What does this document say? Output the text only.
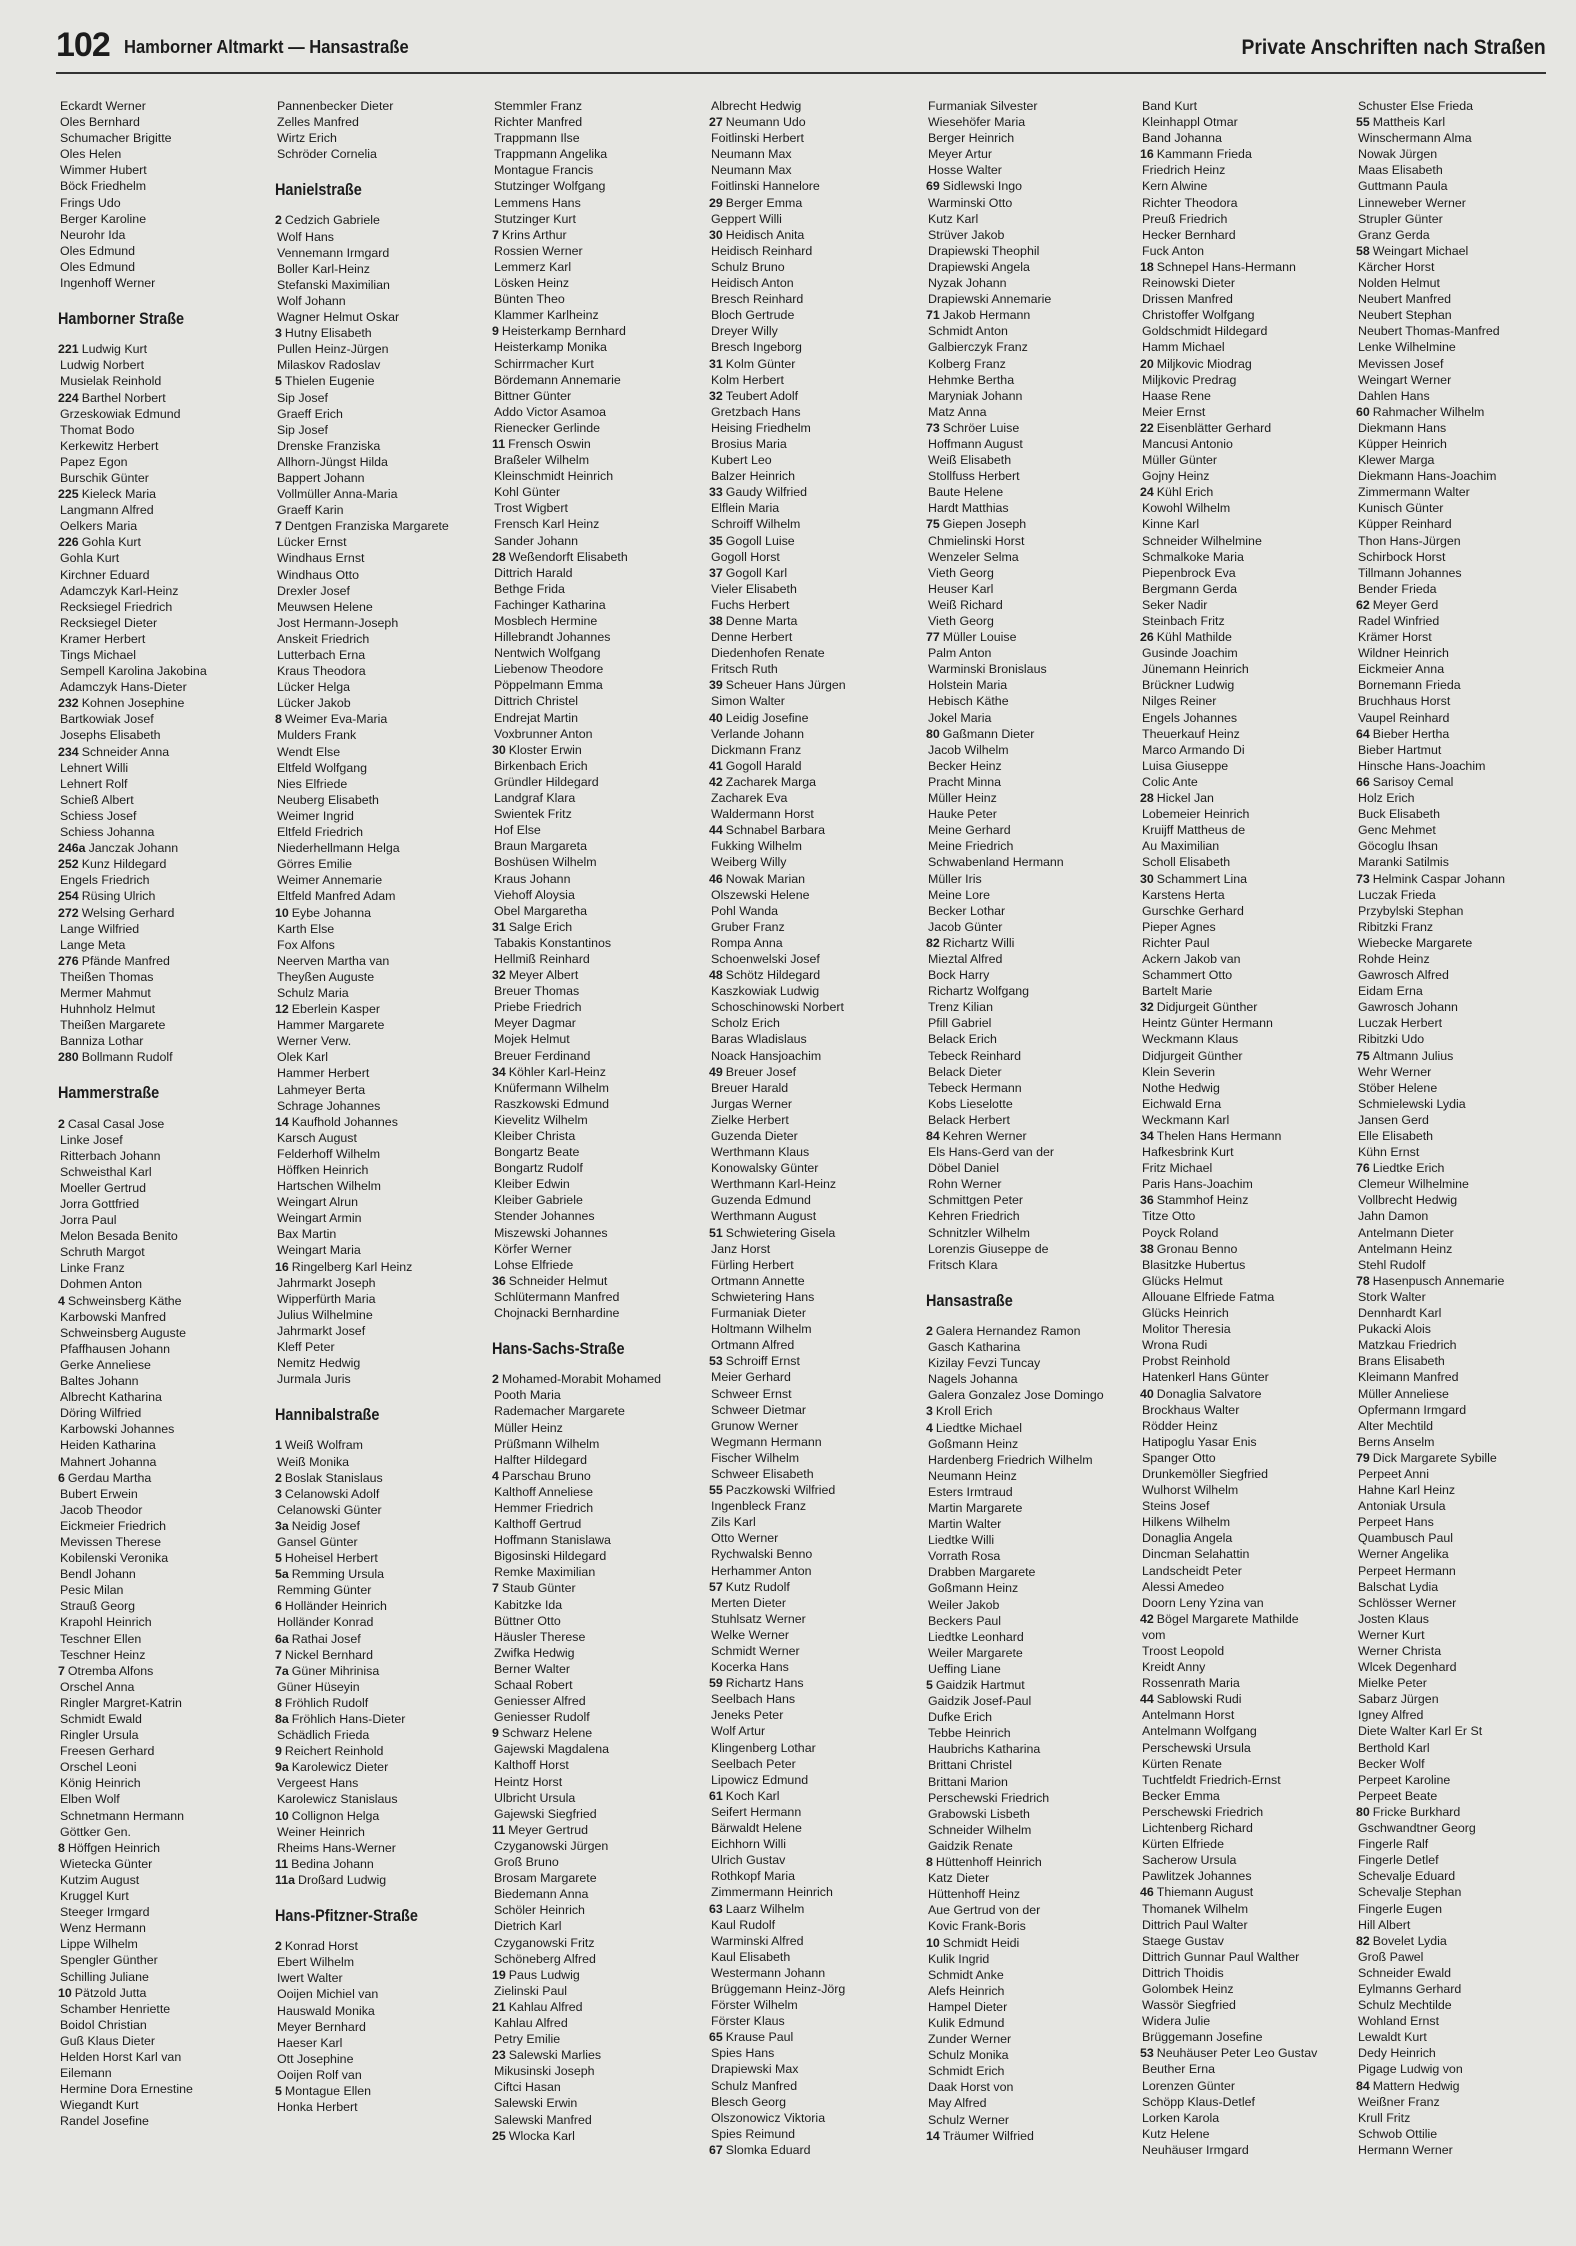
102 Hamborner Altmarkt — Hansastraße	Private Anschriften nach Straßen
Eckardt Werner
Oles Bernhard
Schumacher Brigitte
Oles Helen
Wimmer Hubert
Böck Friedhelm
Frings Udo
Berger Karoline
Neurohr Ida
Oles Edmund
Oles Edmund
Ingenhoff Werner
Hamborner Straße
221 Ludwig Kurt
Ludwig Norbert
Musielak Reinhold
224 Barthel Norbert
Grzeskowiak Edmund
Thomat Bodo
Kerkewitz Herbert
Papez Egon
Burschik Günter
225 Kieleck Maria
Langmann Alfred
Oelkers Maria
226 Gohla Kurt
Gohla Kurt
Kirchner Eduard
Adamczyk Karl-Heinz
Recksiegel Friedrich
Recksiegel Dieter
Kramer Herbert
Tings Michael
Sempell Karolina Jakobina
Adamczyk Hans-Dieter
232 Kohnen Josephine
Bartkowiak Josef
Josephs Elisabeth
234 Schneider Anna
Lehnert Willi
Lehnert Rolf
Schieß Albert
Schiess Josef
Schiess Johanna
246a Janczak Johann
252 Kunz Hildegard
Engels Friedrich
254 Rüsing Ulrich
272 Welsing Gerhard
Lange Wilfried
Lange Meta
276 Pfände Manfred
Theißen Thomas
Mermer Mahmut
Huhnholz Helmut
Theißen Margarete
Banniza Lothar
280 Bollmann Rudolf
Hammerstraße
2 Casal Casal Jose
Linke Josef
Ritterbach Johann
Schweisthal Karl
Moeller Gertrud
Jorra Gottfried
Jorra Paul
Melon Besada Benito
Schruth Margot
Linke Franz
Dohmen Anton
4 Schweinsberg Käthe
Karbowski Manfred
Schweinsberg Auguste
Pfaffhausen Johann
Gerke Anneliese
Baltes Johann
Albrecht Katharina
Döring Wilfried
Karbowski Johannes
Heiden Katharina
Mahnert Johanna
6 Gerdau Martha
Bubert Erwein
Jacob Theodor
Eickmeier Friedrich
Mevissen Therese
Kobilenski Veronika
Bendl Johann
Pesic Milan
Strauß Georg
Krapohl Heinrich
Teschner Ellen
Teschner Heinz
7 Otremba Alfons
Orschel Anna
Ringler Margret-Katrin
Schmidt Ewald
Ringler Ursula
Freesen Gerhard
Orschel Leoni
König Heinrich
Elben Wolf
Schnetmann Hermann
Göttker Gen.
8 Höffgen Heinrich
Wietecka Günter
Kutzim August
Kruggel Kurt
Steeger Irmgard
Wenz Hermann
Lippe Wilhelm
Spengler Günther
Schilling Juliane
10 Pätzold Jutta
Schamber Henriette
Boidol Christian
Guß Klaus Dieter
Helden Horst Karl van
Eilemann
Hermine Dora Ernestine
Wiegandt Kurt
Randel Josefine
Pannenbecker Dieter
Zelles Manfred
Wirtz Erich
Schröder Cornelia
Hanielstraße
2 Cedzich Gabriele
Wolf Hans
Vennemann Irmgard
Boller Karl-Heinz
Stefanski Maximilian
Wolf Johann
Wagner Helmut Oskar
3 Hutny Elisabeth
Pullen Heinz-Jürgen
Milaskov Radoslav
5 Thielen Eugenie
Sip Josef
Graeff Erich
Sip Josef
Drenske Franziska
Allhorn-Jüngst Hilda
Bappert Johann
Vollmüller Anna-Maria
Graeff Karin
7 Dentgen Franziska Margarete
Lücker Ernst
Windhaus Ernst
Windhaus Otto
Drexler Josef
Meuwsen Helene
Jost Hermann-Joseph
Anskeit Friedrich
Lutterbach Erna
Kraus Theodora
Lücker Helga
Lücker Jakob
8 Weimer Eva-Maria
Mulders Frank
Wendt Else
Eltfeld Wolfgang
Nies Elfriede
Neuberg Elisabeth
Weimer Ingrid
Eltfeld Friedrich
Niederhellmann Helga
Görres Emilie
Weimer Annemarie
Eltfeld Manfred Adam
10 Eybe Johanna
Karth Else
Fox Alfons
Neerven Martha van
Theyßen Auguste
Schulz Maria
12 Eberlein Kasper
Hammer Margarete
Werner Verw.
Olek Karl
Hammer Herbert
Lahmeyer Berta
Schrage Johannes
14 Kaufhold Johannes
Karsch August
Felderhoff Wilhelm
Höffken Heinrich
Hartschen Wilhelm
Weingart Alrun
Weingart Armin
Bax Martin
Weingart Maria
16 Ringelberg Karl Heinz
Jahrmarkt Joseph
Wipperfürth Maria
Julius Wilhelmine
Jahrmarkt Josef
Kleff Peter
Nemitz Hedwig
Jurmala Juris
Hannibalstraße
1 Weiß Wolfram
Weiß Monika
2 Boslak Stanislaus
3 Celanowski Adolf
Celanowski Günter
3a Neidig Josef
Gansel Günter
5 Hoheisel Herbert
5a Remming Ursula
Remming Günter
6 Holländer Heinrich
Holländer Konrad
6a Rathai Josef
7 Nickel Bernhard
7a Güner Mihrinisa
Güner Hüseyin
8 Fröhlich Rudolf
8a Fröhlich Hans-Dieter
Schädlich Frieda
9 Reichert Reinhold
9a Karolewicz Dieter
Vergeest Hans
Karolewicz Stanislaus
10 Collignon Helga
Weiner Heinrich
Rheims Hans-Werner
11 Bedina Johann
11a Droßard Ludwig
Hans-Pfitzner-Straße
2 Konrad Horst
Ebert Wilhelm
Iwert Walter
Ooijen Michiel van
Hauswald Monika
Meyer Bernhard
Haeser Karl
Ott Josephine
Ooijen Rolf van
5 Montague Ellen
Honka Herbert
Stemmler Franz
Richter Manfred
Trappmann Ilse
Trappmann Angelika
Montague Francis
Stutzinger Wolfgang
Lemmens Hans
Stutzinger Kurt
7 Krins Arthur
Rossien Werner
Lemmerz Karl
Lösken Heinz
Bünten Theo
Klammer Karlheinz
9 Heisterkamp Bernhard
Heisterkamp Monika
Schirrmacher Kurt
Bördemann Annemarie
Bittner Günter
Addo Victor Asamoa
Rienecker Gerlinde
11 Frensch Oswin
Braßeler Wilhelm
Kleinschmidt Heinrich
Kohl Günter
Trost Wigbert
Frensch Karl Heinz
Sander Johann
28 Weßendorft Elisabeth
Dittrich Harald
Bethge Frida
Fachinger Katharina
Mosblech Hermine
Hillebrandt Johannes
Nentwich Wolfgang
Liebenow Theodore
Pöppelmann Emma
Dittrich Christel
Endrejat Martin
Voxbrunner Anton
30 Kloster Erwin
Birkenbach Erich
Gründler Hildegard
Landgraf Klara
Swientek Fritz
Hof Else
Braun Margareta
Boshüsen Wilhelm
Kraus Johann
Viehoff Aloysia
Obel Margaretha
31 Salge Erich
Tabakis Konstantinos
Hellmiß Reinhard
32 Meyer Albert
Breuer Thomas
Priebe Friedrich
Meyer Dagmar
Mojek Helmut
Breuer Ferdinand
34 Köhler Karl-Heinz
Knüfermann Wilhelm
Raszkowski Edmund
Kievelitz Wilhelm
Kleiber Christa
Bongartz Beate
Bongartz Rudolf
Kleiber Edwin
Kleiber Gabriele
Stender Johannes
Miszewski Johannes
Körfer Werner
Lohse Elfriede
36 Schneider Helmut
Schlütermann Manfred
Chojnacki Bernhardine
Hans-Sachs-Straße
2 Mohamed-Morabit Mohamed
Pooth Maria
Rademacher Margarete
Müller Heinz
Prüßmann Wilhelm
Halfter Hildegard
4 Parschau Bruno
Kalthoff Anneliese
Hemmer Friedrich
Kalthoff Gertrud
Hoffmann Stanislawa
Bigosinski Hildegard
Remke Maximilian
7 Staub Günter
Kabitzke Ida
Büttner Otto
Häusler Therese
Zwifka Hedwig
Berner Walter
Schaal Robert
Geniesser Alfred
Geniesser Rudolf
9 Schwarz Helene
Gajewski Magdalena
Kalthoff Horst
Heintz Horst
Ulbricht Ursula
Gajewski Siegfried
11 Meyer Gertrud
Czyganowski Jürgen
Groß Bruno
Brosam Margarete
Biedemann Anna
Schöler Heinrich
Dietrich Karl
Czyganowski Fritz
Schöneberg Alfred
19 Paus Ludwig
Zielinski Paul
21 Kahlau Alfred
Kahlau Alfred
Petry Emilie
23 Salewski Marlies
Mikusinski Joseph
Ciftci Hasan
Salewski Erwin
Salewski Manfred
25 Wlocka Karl
Albrecht Hedwig
27 Neumann Udo
Foitlinski Herbert
Neumann Max
Neumann Max
Foitlinski Hannelore
29 Berger Emma
Geppert Willi
30 Heidisch Anita
Heidisch Reinhard
Schulz Bruno
Heidisch Anton
Bresch Reinhard
Bloch Gertrude
Dreyer Willy
Bresch Ingeborg
31 Kolm Günter
Kolm Herbert
32 Teubert Adolf
Gretzbach Hans
Heising Friedhelm
Brosius Maria
Kubert Leo
Balzer Heinrich
33 Gaudy Wilfried
Elflein Maria
Schroiff Wilhelm
35 Gogoll Luise
Gogoll Horst
37 Gogoll Karl
Vieler Elisabeth
Fuchs Herbert
38 Denne Marta
Denne Herbert
Diedenhofen Renate
Fritsch Ruth
39 Scheuer Hans Jürgen
Simon Walter
40 Leidig Josefine
Verlande Johann
Dickmann Franz
41 Gogoll Harald
42 Zacharek Marga
Zacharek Eva
Waldermann Horst
44 Schnabel Barbara
Fukking Wilhelm
Weiberg Willy
46 Nowak Marian
Olszewski Helene
Pohl Wanda
Gruber Franz
Rompa Anna
Schoenwelski Josef
48 Schötz Hildegard
Kaszkowiak Ludwig
Schoschinowski Norbert
Scholz Erich
Baras Wladislaus
Noack Hansjoachim
49 Breuer Josef
Breuer Harald
Jurgas Werner
Zielke Herbert
Guzenda Dieter
Werthmann Klaus
Konowalsky Günter
Werthmann Karl-Heinz
Guzenda Edmund
Werthmann August
51 Schwietering Gisela
Janz Horst
Fürling Herbert
Ortmann Annette
Schwietering Hans
Furmaniak Dieter
Holtmann Wilhelm
Ortmann Alfred
53 Schroiff Ernst
Meier Gerhard
Schweer Ernst
Schweer Dietmar
Grunow Werner
Wegmann Hermann
Fischer Wilhelm
Schweer Elisabeth
55 Paczkowski Wilfried
Ingenbleck Franz
Zils Karl
Otto Werner
Rychwalski Benno
Herhammer Anton
57 Kutz Rudolf
Merten Dieter
Stuhlsatz Werner
Welke Werner
Schmidt Werner
Kocerka Hans
59 Richartz Hans
Seelbach Hans
Jeneks Peter
Wolf Artur
Klingenberg Lothar
Seelbach Peter
Lipowicz Edmund
61 Koch Karl
Seifert Hermann
Bärwaldt Helene
Eichhorn Willi
Ulrich Gustav
Rothkopf Maria
Zimmermann Heinrich
63 Laarz Wilhelm
Kaul Rudolf
Warminski Alfred
Kaul Elisabeth
Westermann Johann
Brüggemann Heinz-Jörg
Förster Wilhelm
Förster Klaus
65 Krause Paul
Spies Hans
Drapiewski Max
Schulz Manfred
Blesch Georg
Olszonowicz Viktoria
Spies Reimund
67 Slomka Eduard
Furmaniak Silvester
Wiesehöfer Maria
Berger Heinrich
Meyer Artur
Hosse Walter
69 Sidlewski Ingo
Warminski Otto
Kutz Karl
Strüver Jakob
Drapiewski Theophil
Drapiewski Angela
Nyzak Johann
Drapiewski Annemarie
71 Jakob Hermann
Schmidt Anton
Galbierczyk Franz
Kolberg Franz
Hehmke Bertha
Maryniak Johann
Matz Anna
73 Schröer Luise
Hoffmann August
Weiß Elisabeth
Stollfuss Herbert
Baute Helene
Hardt Matthias
75 Giepen Joseph
Chmielinski Horst
Wenzeler Selma
Vieth Georg
Heuser Karl
Weiß Richard
Vieth Georg
77 Müller Louise
Palm Anton
Warminski Bronislaus
Holstein Maria
Hebisch Käthe
Jokel Maria
80 Gaßmann Dieter
Jacob Wilhelm
Becker Heinz
Pracht Minna
Müller Heinz
Hauke Peter
Meine Gerhard
Meine Friedrich
Schwabenland Hermann
Müller Iris
Meine Lore
Becker Lothar
Jacob Günter
82 Richartz Willi
Mieztal Alfred
Bock Harry
Richartz Wolfgang
Trenz Kilian
Pfill Gabriel
Belack Erich
Tebeck Reinhard
Belack Dieter
Tebeck Hermann
Kobs Lieselotte
Belack Herbert
84 Kehren Werner
Els Hans-Gerd van der
Döbel Daniel
Rohn Werner
Schmittgen Peter
Kehren Friedrich
Schnitzler Wilhelm
Lorenzis Giuseppe de
Fritsch Klara
Hansastraße
2 Galera Hernandez Ramon
Gasch Katharina
Kizilay Fevzi Tuncay
Nagels Johanna
Galera Gonzalez Jose Domingo
3 Kroll Erich
4 Liedtke Michael
Goßmann Heinz
Hardenberg Friedrich Wilhelm
Neumann Heinz
Esters Irmtraud
Martin Margarete
Martin Walter
Liedtke Willi
Vorrath Rosa
Drabben Margarete
Goßmann Heinz
Weiler Jakob
Beckers Paul
Liedtke Leonhard
Weiler Margarete
Ueffing Liane
5 Gaidzik Hartmut
Gaidzik Josef-Paul
Dufke Erich
Tebbe Heinrich
Haubrichs Katharina
Brittani Christel
Brittani Marion
Perschewski Friedrich
Grabowski Lisbeth
Schneider Wilhelm
Gaidzik Renate
8 Hüttenhoff Heinrich
Katz Dieter
Hüttenhoff Heinz
Aue Gertrud von der
Kovic Frank-Boris
10 Schmidt Heidi
Kulik Ingrid
Schmidt Anke
Alefs Heinrich
Hampel Dieter
Kulik Edmund
Zunder Werner
Schulz Monika
Schmidt Erich
Daak Horst von
May Alfred
Schulz Werner
14 Träumer Wilfried
Band Kurt
Kleinhappl Otmar
Band Johanna
16 Kammann Frieda
Friedrich Heinz
Kern Alwine
Richter Theodora
Preuß Friedrich
Hecker Bernhard
Fuck Anton
18 Schnepel Hans-Hermann
Reinowski Dieter
Drissen Manfred
Christoffer Wolfgang
Goldschmidt Hildegard
Hamm Michael
20 Miljkovic Miodrag
Miljkovic Predrag
Haase Rene
Meier Ernst
22 Eisenblätter Gerhard
Mancusi Antonio
Müller Günter
Gojny Heinz
24 Kühl Erich
Kowohl Wilhelm
Kinne Karl
Schneider Wilhelmine
Schmalkoke Maria
Piepenbrock Eva
Bergmann Gerda
Seker Nadir
Steinbach Fritz
26 Kühl Mathilde
Gusinde Joachim
Jünemann Heinrich
Brückner Ludwig
Nilges Reiner
Engels Johannes
Theuerkauf Heinz
Marco Armando Di
Luisa Giuseppe
Colic Ante
28 Hickel Jan
Lobemeier Heinrich
Kruijff Mattheus de
Au Maximilian
Scholl Elisabeth
30 Schammert Lina
Karstens Herta
Gurschke Gerhard
Pieper Agnes
Richter Paul
Ackern Jakob van
Schammert Otto
Bartelt Marie
32 Didjurgeit Günther
Heintz Günter Hermann
Weckmann Klaus
Didjurgeit Günther
Klein Severin
Nothe Hedwig
Eichwald Erna
Weckmann Karl
34 Thelen Hans Hermann
Hafkesbrink Kurt
Fritz Michael
Paris Hans-Joachim
36 Stammhof Heinz
Titze Otto
Poyck Roland
38 Gronau Benno
Blasitzke Hubertus
Glücks Helmut
Allouane Elfriede Fatma
Glücks Heinrich
Molitor Theresia
Wrona Rudi
Probst Reinhold
Hatenkerl Hans Günter
40 Donaglia Salvatore
Brockhaus Walter
Rödder Heinz
Hatipoglu Yasar Enis
Spanger Otto
Drunkemöller Siegfried
Wulhorst Wilhelm
Steins Josef
Hilkens Wilhelm
Donaglia Angela
Dincman Selahattin
Landscheidt Peter
Alessi Amedeo
Doorn Leny Yzina van
42 Bögel Margarete Mathilde
vom
Troost Leopold
Kreidt Anny
Rossenrath Maria
44 Sablowski Rudi
Antelmann Horst
Antelmann Wolfgang
Perschewski Ursula
Kürten Renate
Tuchtfeldt Friedrich-Ernst
Becker Emma
Perschewski Friedrich
Lichtenberg Richard
Kürten Elfriede
Sacherow Ursula
Pawlitzek Johannes
46 Thiemann August
Thomanek Wilhelm
Dittrich Paul Walter
Staege Gustav
Dittrich Gunnar Paul Walther
Dittrich Thoidis
Golombek Heinz
Wassör Siegfried
Widera Julie
Brüggemann Josefine
53 Neuhäuser Peter Leo Gustav
Beuther Erna
Lorenzen Günter
Schöpp Klaus-Detlef
Lorken Karola
Kutz Helene
Neuhäuser Irmgard
Schuster Else Frieda
55 Mattheis Karl
Winschermann Alma
Nowak Jürgen
Maas Elisabeth
Guttmann Paula
Linneweber Werner
Strupler Günter
Granz Gerda
58 Weingart Michael
Kärcher Horst
Nolden Helmut
Neubert Manfred
Neubert Stephan
Neubert Thomas-Manfred
Lenke Wilhelmine
Mevissen Josef
Weingart Werner
Dahlen Hans
60 Rahmacher Wilhelm
Diekmann Hans
Küpper Heinrich
Klewer Marga
Diekmann Hans-Joachim
Zimmermann Walter
Kunisch Günter
Küpper Reinhard
Thon Hans-Jürgen
Schirbock Horst
Tillmann Johannes
Bender Frieda
62 Meyer Gerd
Radel Winfried
Krämer Horst
Wildner Heinrich
Eickmeier Anna
Bornemann Frieda
Bruchhaus Horst
Vaupel Reinhard
64 Bieber Hertha
Bieber Hartmut
Hinsche Hans-Joachim
66 Sarisoy Cemal
Holz Erich
Buck Elisabeth
Genc Mehmet
Göcoglu Ihsan
Maranki Satilmis
73 Helmink Caspar Johann
Luczak Frieda
Przybylski Stephan
Ribitzki Franz
Wiebecke Margarete
Rohde Heinz
Gawrosch Alfred
Eidam Erna
Gawrosch Johann
Luczak Herbert
Ribitzki Udo
75 Altmann Julius
Wehr Werner
Stöber Helene
Schmielewski Lydia
Jansen Gerd
Elle Elisabeth
Kühn Ernst
76 Liedtke Erich
Clemeur Wilhelmine
Vollbrecht Hedwig
Jahn Damon
Antelmann Dieter
Antelmann Heinz
Stehl Rudolf
78 Hasenpusch Annemarie
Stork Walter
Dennhardt Karl
Pukacki Alois
Matzkau Friedrich
Brans Elisabeth
Kleimann Manfred
Müller Anneliese
Opfermann Irmgard
Alter Mechtild
Berns Anselm
79 Dick Margarete Sybille
Perpeet Anni
Hahne Karl Heinz
Antoniak Ursula
Perpeet Hans
Quambusch Paul
Werner Angelika
Perpeet Hermann
Balschat Lydia
Schlösser Werner
Josten Klaus
Werner Kurt
Werner Christa
Wlcek Degenhard
Mielke Peter
Sabarz Jürgen
Igney Alfred
Diete Walter Karl Er St
Berthold Karl
Becker Wolf
Perpeet Karoline
Perpeet Beate
80 Fricke Burkhard
Gschwandtner Georg
Fingerle Ralf
Fingerle Detlef
Schevalje Eduard
Schevalje Stephan
Fingerle Eugen
Hill Albert
82 Bovelet Lydia
Groß Pawel
Schneider Ewald
Eylmanns Gerhard
Schulz Mechtilde
Wohland Ernst
Lewaldt Kurt
Dedy Heinrich
Pigage Ludwig von
84 Mattern Hedwig
Weißner Franz
Krull Fritz
Schwob Ottilie
Hermann Werner
